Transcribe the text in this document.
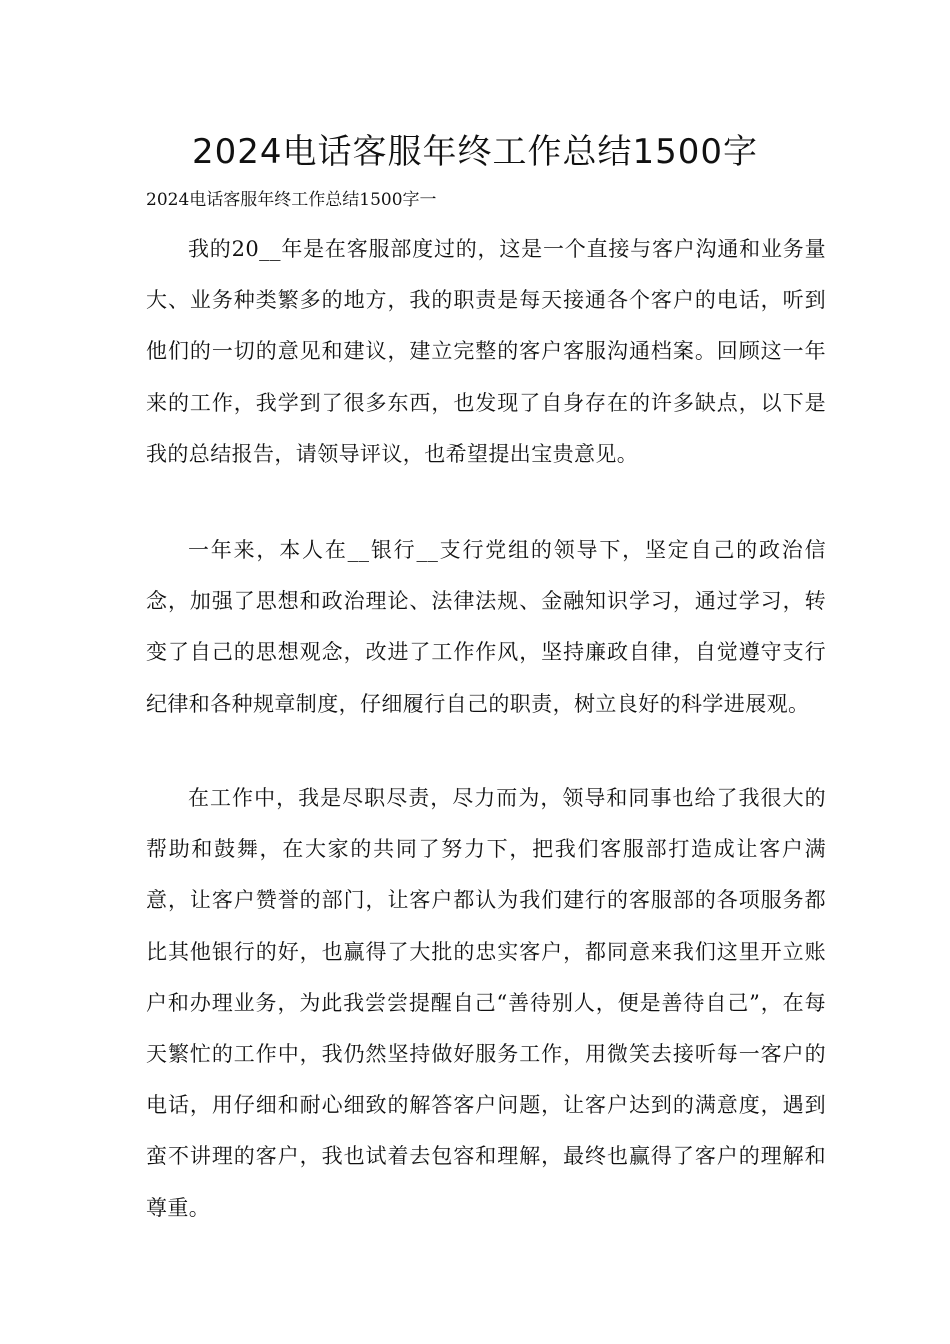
2024电话客服年终工作总结1500字

2024电话客服年终工作总结1500字一

我的20__年是在客服部度过的，这是一个直接与客户沟通和业务量大、业务种类繁多的地方，我的职责是每天接通各个客户的电话，听到他们的一切的意见和建议，建立完整的客户客服沟通档案。回顾这一年来的工作，我学到了很多东西，也发现了自身存在的许多缺点，以下是我的总结报告，请领导评议，也希望提出宝贵意见。

一年来，本人在__银行__支行党组的领导下，坚定自己的政治信念，加强了思想和政治理论、法律法规、金融知识学习，通过学习，转变了自己的思想观念，改进了工作作风，坚持廉政自律，自觉遵守支行纪律和各种规章制度，仔细履行自己的职责，树立良好的科学进展观。

在工作中，我是尽职尽责，尽力而为，领导和同事也给了我很大的帮助和鼓舞，在大家的共同了努力下，把我们客服部打造成让客户满意，让客户赞誉的部门，让客户都认为我们建行的客服部的各项服务都比其他银行的好，也赢得了大批的忠实客户，都同意来我们这里开立账户和办理业务，为此我尝尝提醒自己“善待别人，便是善待自己”，在每天繁忙的工作中，我仍然坚持做好服务工作，用微笑去接听每一客户的电话，用仔细和耐心细致的解答客户问题，让客户达到的满意度，遇到蛮不讲理的客户，我也试着去包容和理解，最终也赢得了客户的理解和尊重。
